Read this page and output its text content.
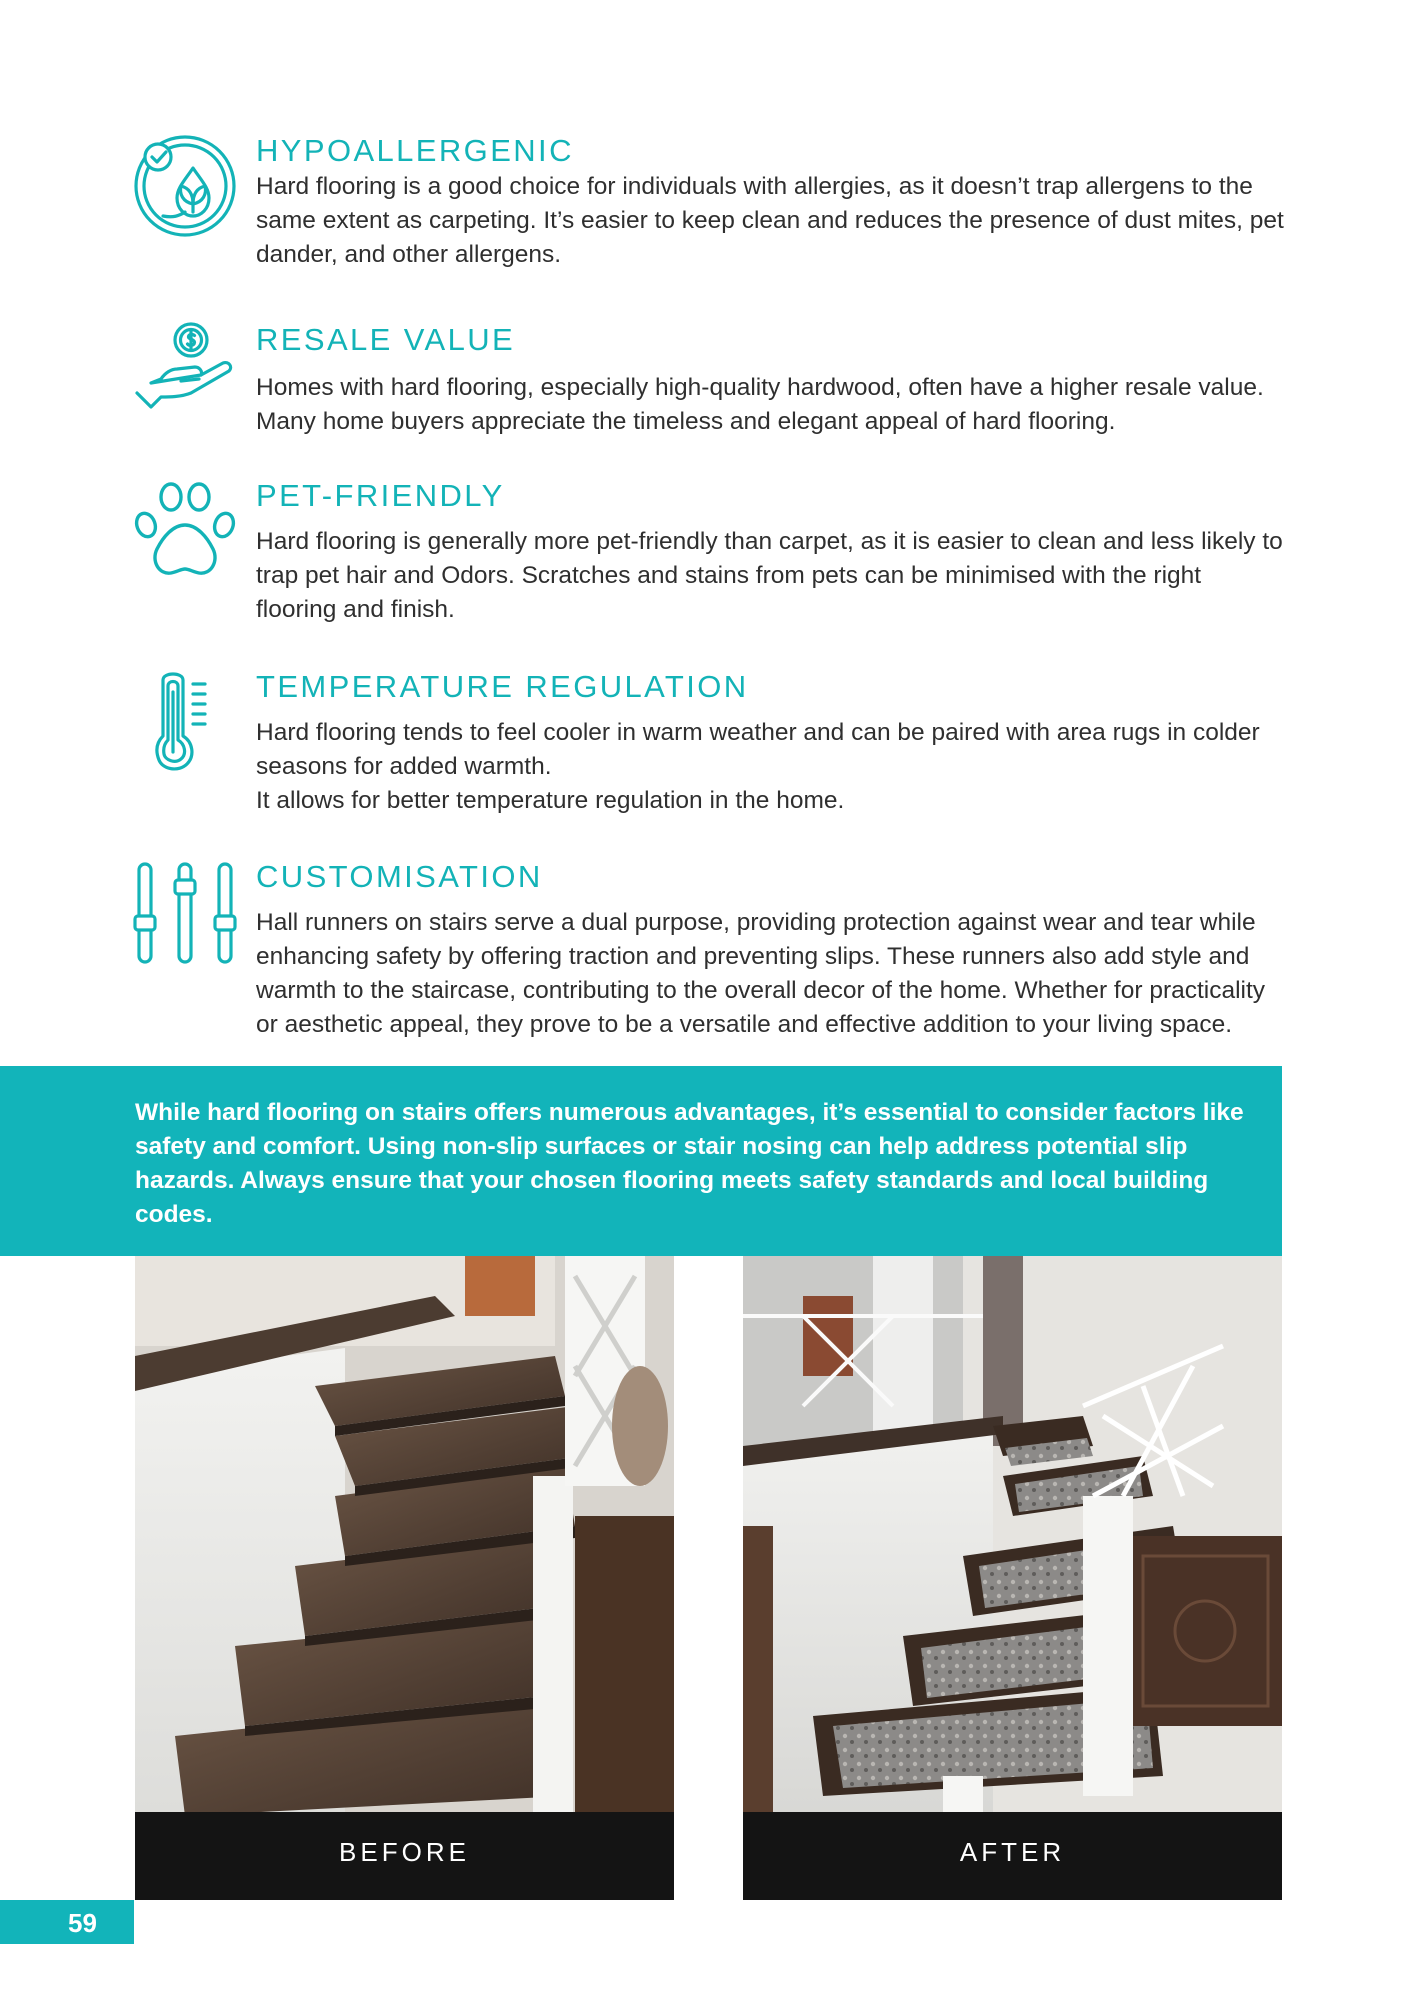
HYPOALLERGENIC

Hard flooring is a good choice for individuals with allergies, as it doesn’t trap allergens to the same extent as carpeting. It’s easier to keep clean and reduces the presence of dust mites, pet dander, and other allergens.

RESALE VALUE

Homes with hard flooring, especially high-quality hardwood, often have a higher resale value. Many home buyers appreciate the timeless and elegant appeal of hard flooring.

PET-FRIENDLY

Hard flooring is generally more pet-friendly than carpet, as it is easier to clean and less likely to trap pet hair and Odors. Scratches and stains from pets can be minimised with the right flooring and finish.

TEMPERATURE REGULATION

Hard flooring tends to feel cooler in warm weather and can be paired with area rugs in colder seasons for added warmth.

It allows for better temperature regulation in the home.

CUSTOMISATION

Hall runners on stairs serve a dual purpose, providing protection against wear and tear while enhancing safety by offering traction and preventing slips. These runners also add style and warmth to the staircase, contributing to the overall decor of the home. Whether for practicality or aesthetic appeal, they prove to be a versatile and effective addition to your living space.

While hard flooring on stairs offers numerous advantages, it’s essential to consider factors like safety and comfort. Using non-slip surfaces or stair nosing can help address potential slip hazards. Always ensure that your chosen flooring meets safety standards and local building codes.

BEFORE	AFTER
59
